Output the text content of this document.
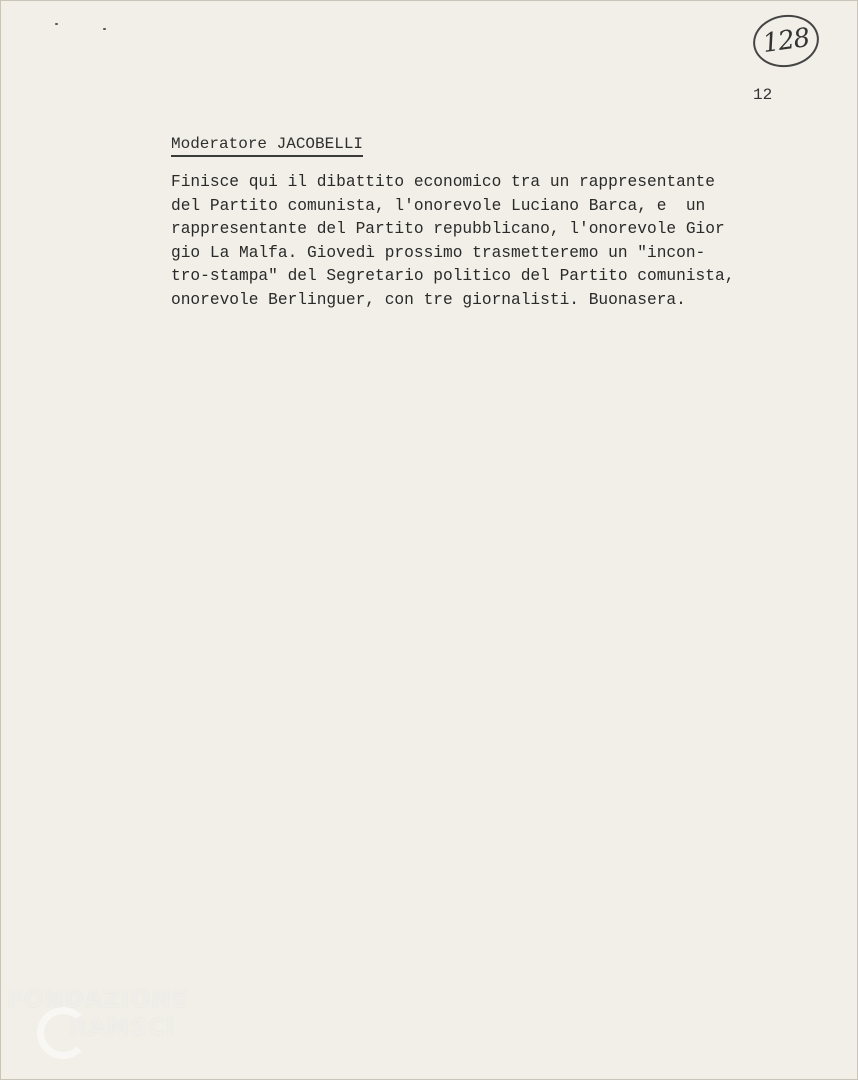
128
12
Moderatore JACOBELLI

Finisce qui il dibattito economico tra un rappresentante
del Partito comunista, l'onorevole Luciano Barca, e  un
rappresentante del Partito repubblicano, l'onorevole Gior
gio La Malfa. Giovedì prossimo trasmetteremo un "incon-
tro-stampa" del Segretario politico del Partito comunista,
onorevole Berlinguer, con tre giornalisti. Buonasera.

FONDAZIONE
RAMSCI
